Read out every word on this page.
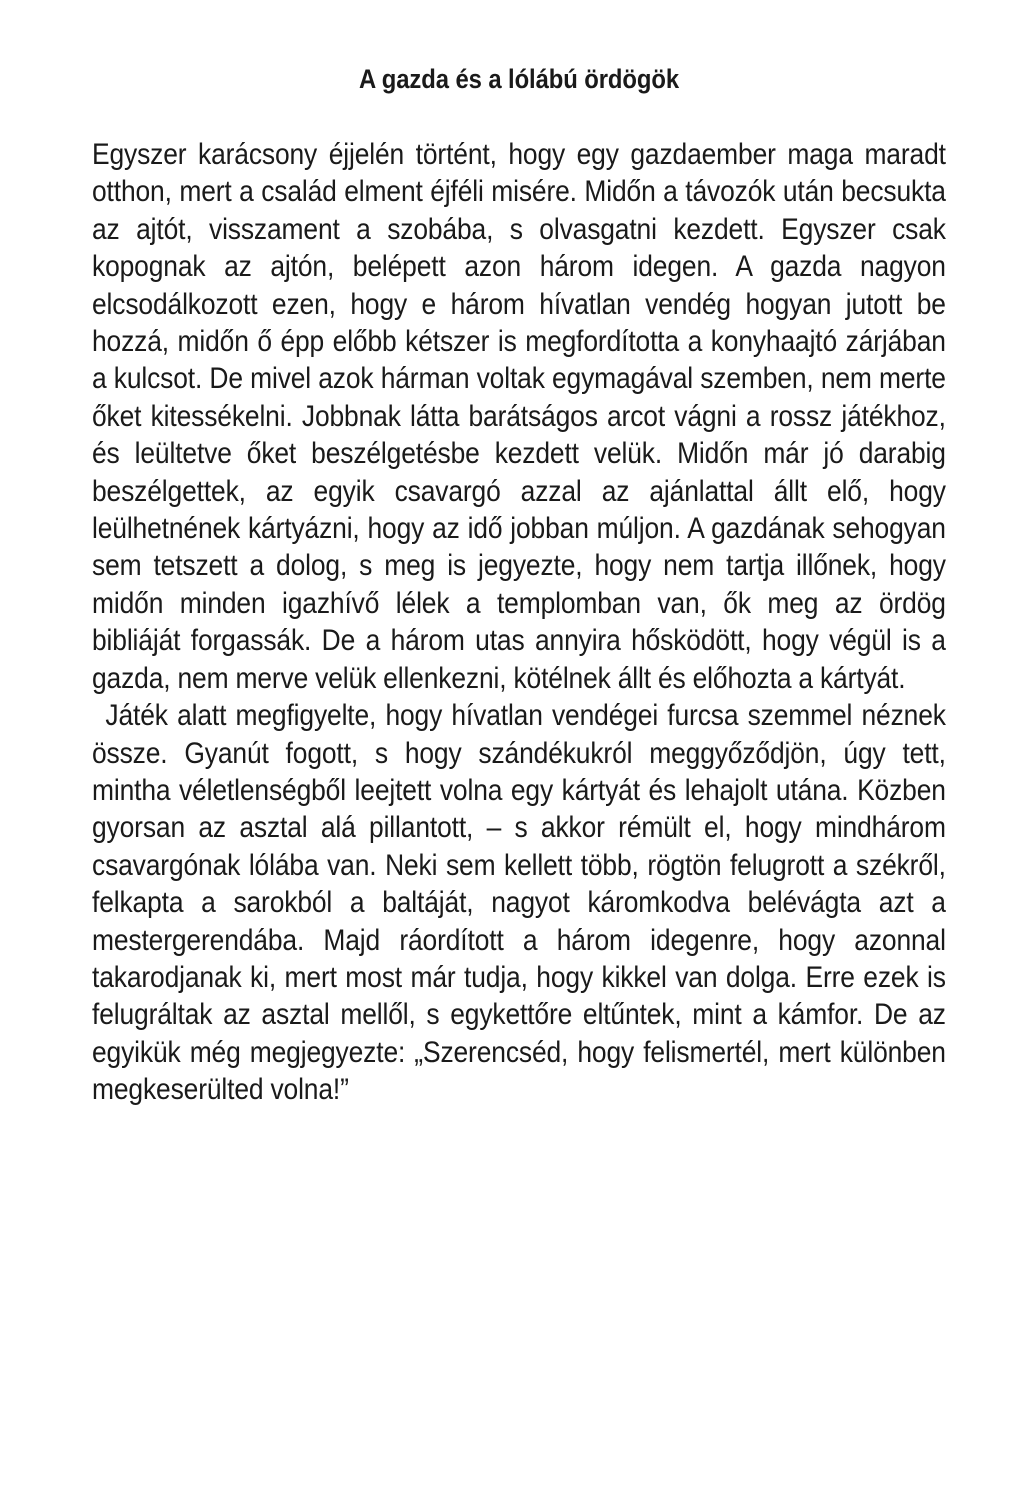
A gazda és a lólábú ördögök

Egyszer karácsony éjjelén történt, hogy egy gazdaember maga maradt otthon, mert a család elment éjféli misére. Midőn a távozók után becsukta az ajtót, visszament a szobába, s olvasgatni kezdett. Egyszer csak kopognak az ajtón, belépett azon három idegen. A gazda nagyon elcsodálkozott ezen, hogy e három hívatlan vendég hogyan jutott be hozzá, midőn ő épp előbb kétszer is megfordította a konyhaajtó zárjában a kulcsot. De mivel azok hárman voltak egymagával szemben, nem merte őket kitessékelni. Jobbnak látta barátságos arcot vágni a rossz játékhoz, és leültetve őket beszélgetésbe kezdett velük. Midőn már jó darabig beszélgettek, az egyik csavargó azzal az ajánlattal állt elő, hogy leülhetnének kártyázni, hogy az idő jobban múljon. A gazdának sehogyan sem tetszett a dolog, s meg is jegyezte, hogy nem tartja illőnek, hogy midőn minden igazhívő lélek a templomban van, ők meg az ördög bibliáját forgassák. De a három utas annyira hősködött, hogy végül is a gazda, nem merve velük ellenkezni, kötélnek állt és előhozta a kártyát.

Játék alatt megfigyelte, hogy hívatlan vendégei furcsa szemmel néznek össze. Gyanút fogott, s hogy szándékukról meggyőződjön, úgy tett, mintha véletlenségből leejtett volna egy kártyát és lehajolt utána. Közben gyorsan az asztal alá pillantott, – s akkor rémült el, hogy mindhárom csavargónak lólába van. Neki sem kellett több, rögtön felugrott a székről, felkapta a sarokból a baltáját, nagyot káromkodva belévágta azt a mestergerendába. Majd ráordított a három idegenre, hogy azonnal takarodjanak ki, mert most már tudja, hogy kikkel van dolga. Erre ezek is felugráltak az asztal mellől, s egykettőre eltűntek, mint a kámfor. De az egyikük még megjegyezte: „Szerencséd, hogy felismertél, mert különben megkeserülted volna!”
